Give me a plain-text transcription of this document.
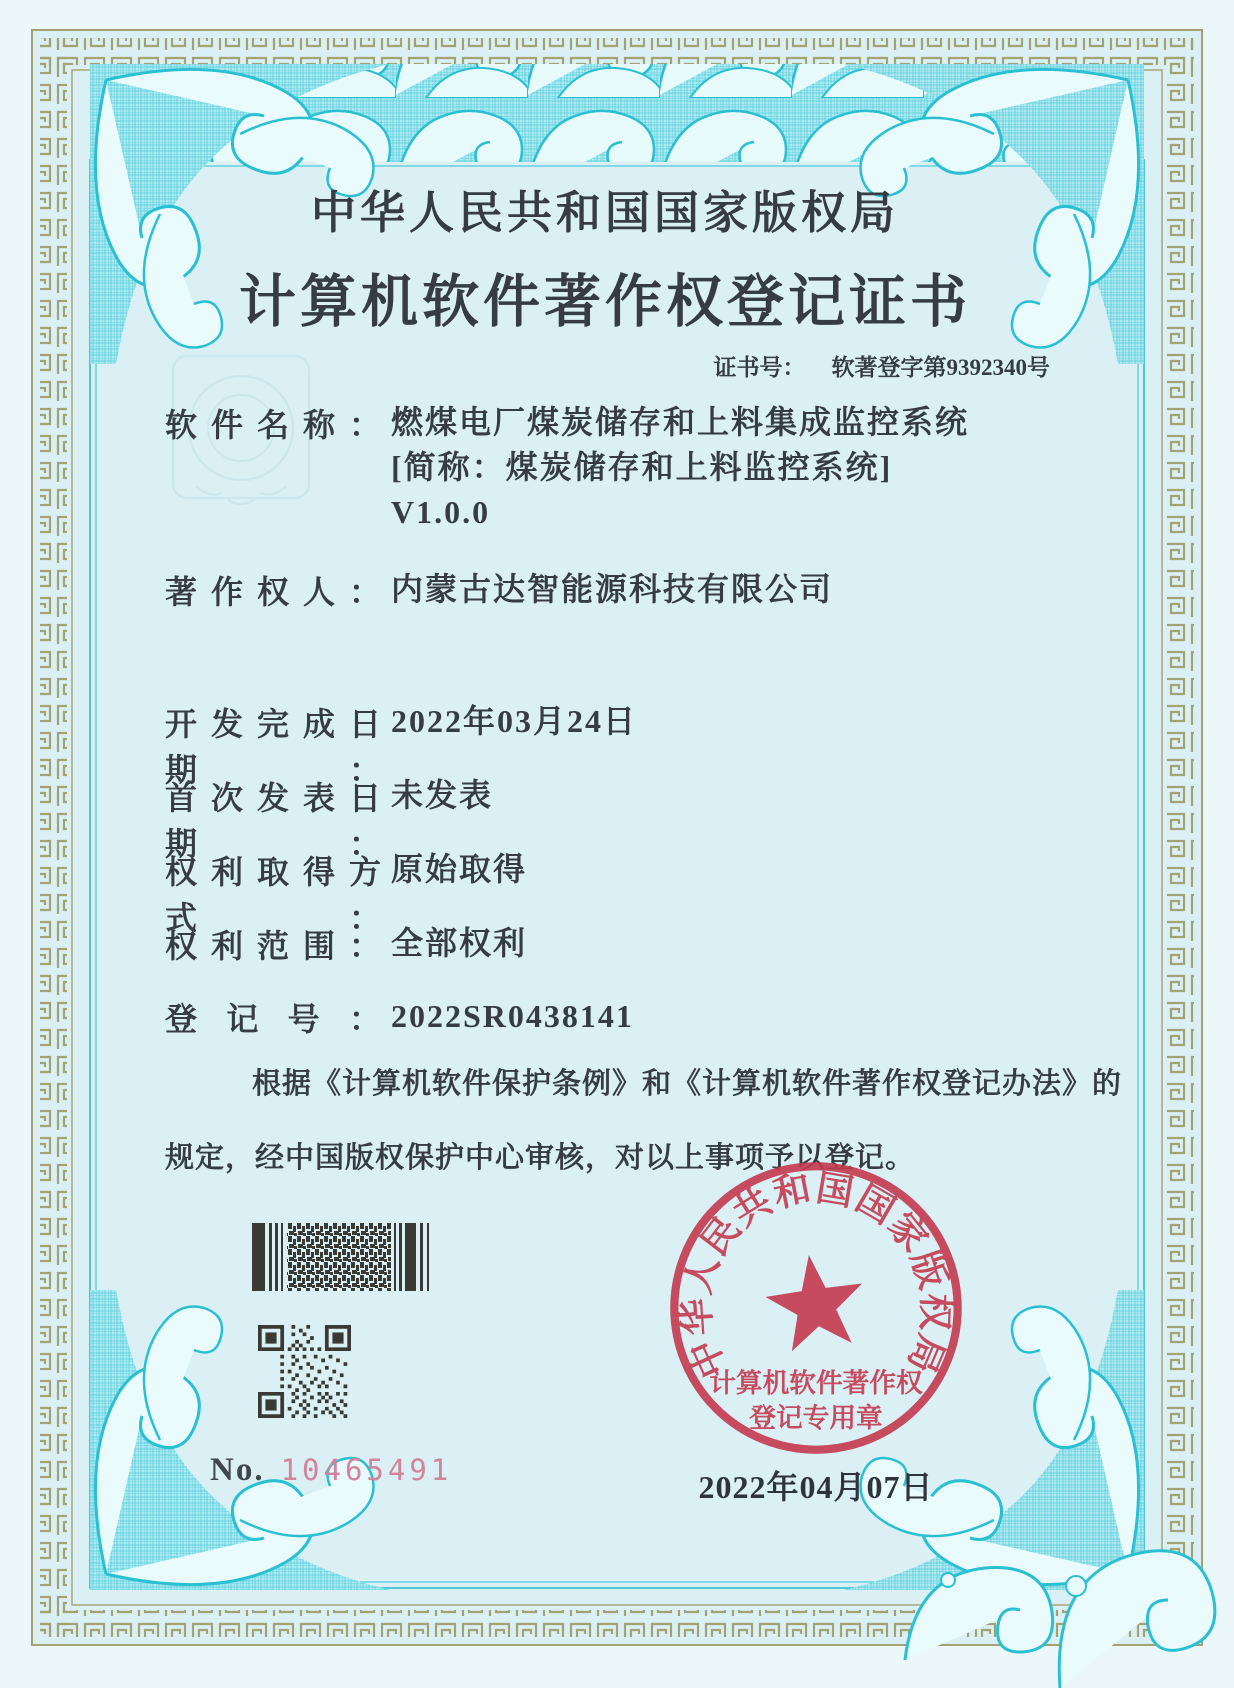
中华人民共和国国家版权局
计算机软件著作权登记证书
证书号： 软著登字第9392340号
软件名称： 燃煤电厂煤炭储存和上料集成监控系统
[简称：煤炭储存和上料监控系统]
V1.0.0
著作权人： 内蒙古达智能源科技有限公司
开发完成日期：
2022年03月24日
首次发表日期：
未发表
权利取得方式：
原始取得
权利范围： 全部权利
登记号： 2022SR0438141
根据《计算机软件保护条例》和《计算机软件著作权登记办法》的
规定，经中国版权保护中心审核，对以上事项予以登记。
No. 10465491
中华人民共和国国家版权局
计算机软件著作权
登记专用章
2022年04月07日
